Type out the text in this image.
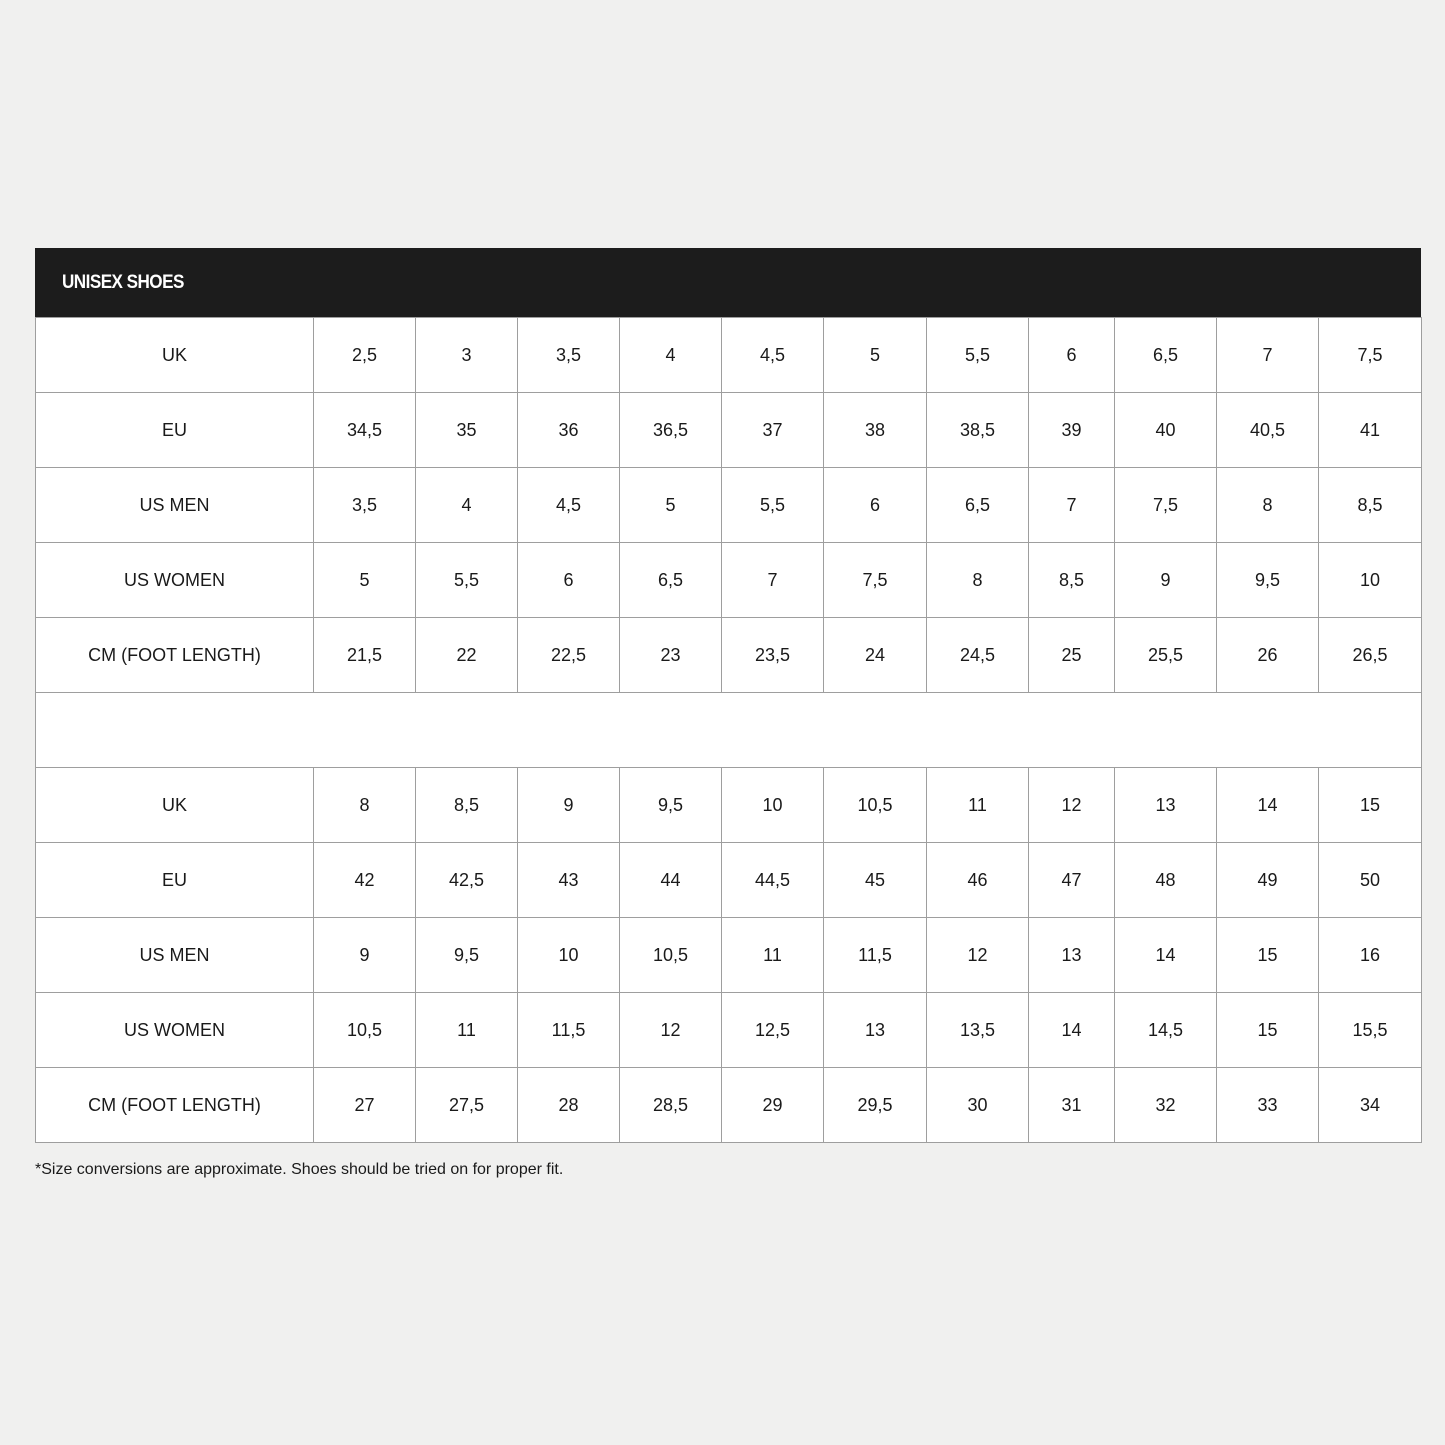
UNISEX SHOES
UK	2,5	3	3,5	4	4,5	5	5,5	6	6,5	7	7,5
EU	34,5	35	36	36,5	37	38	38,5	39	40	40,5	41
US MEN	3,5	4	4,5	5	5,5	6	6,5	7	7,5	8	8,5
US WOMEN	5	5,5	6	6,5	7	7,5	8	8,5	9	9,5	10
CM (FOOT LENGTH)	21,5	22	22,5	23	23,5	24	24,5	25	25,5	26	26,5

UK	8	8,5	9	9,5	10	10,5	11	12	13	14	15
EU	42	42,5	43	44	44,5	45	46	47	48	49	50
US MEN	9	9,5	10	10,5	11	11,5	12	13	14	15	16
US WOMEN	10,5	11	11,5	12	12,5	13	13,5	14	14,5	15	15,5
CM (FOOT LENGTH)	27	27,5	28	28,5	29	29,5	30	31	32	33	34
*Size conversions are approximate. Shoes should be tried on for proper fit.
